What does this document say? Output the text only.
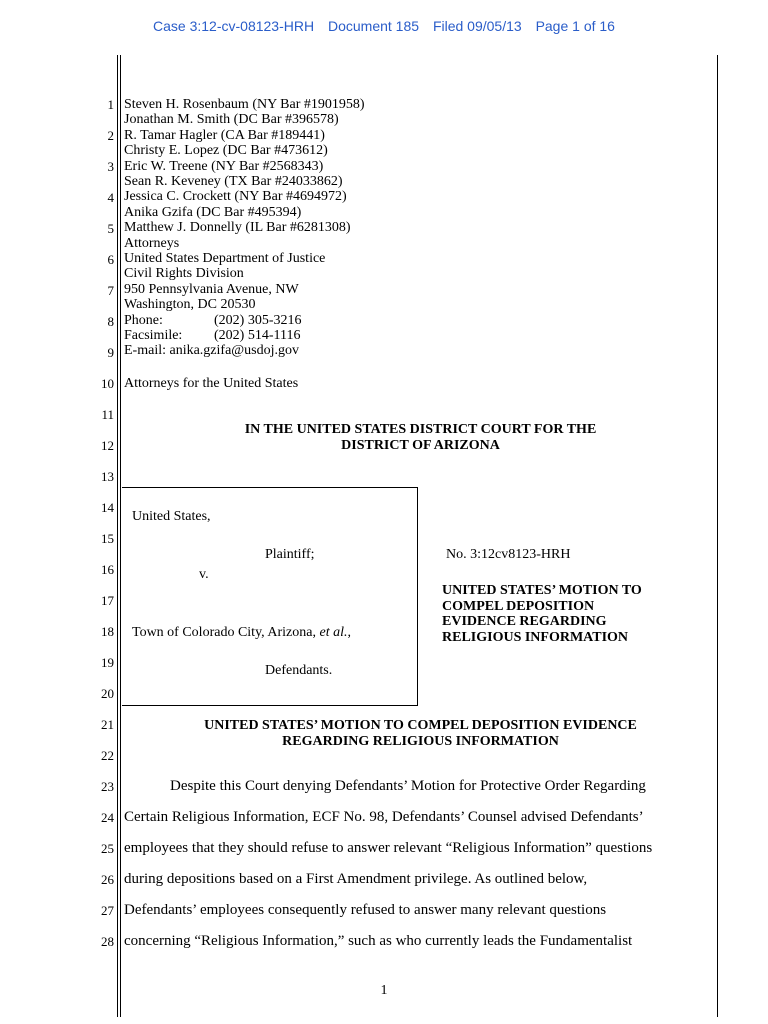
Case 3:12-cv-08123-HRH Document 185 Filed 09/05/13 Page 1 of 16
1
2
3
4
5
6
7
8
9
10
11
12
13
14
15
16
17
18
19
20
21
22
23
24
25
26
27
28
Steven H. Rosenbaum (NY Bar #1901958)
Jonathan M. Smith (DC Bar #396578)
R. Tamar Hagler (CA Bar #189441)
Christy E. Lopez (DC Bar #473612)
Eric W. Treene (NY Bar #2568343)
Sean R. Keveney (TX Bar #24033862)
Jessica C. Crockett (NY Bar #4694972)
Anika Gzifa (DC Bar #495394)
Matthew J. Donnelly (IL Bar #6281308)
Attorneys
United States Department of Justice
Civil Rights Division
950 Pennsylvania Avenue, NW
Washington, DC 20530
Phone:	(202) 305-3216
Facsimile: (202) 514-1116
E-mail: anika.gzifa@usdoj.gov
Attorneys for the United States
IN THE UNITED STATES DISTRICT COURT FOR THE
DISTRICT OF ARIZONA
United States,
Plaintiff;
v.
Town of Colorado City, Arizona, et al.,
Defendants.
No. 3:12cv8123-HRH
UNITED STATES’ MOTION TO
COMPEL DEPOSITION
EVIDENCE REGARDING
RELIGIOUS INFORMATION
UNITED STATES’ MOTION TO COMPEL DEPOSITION EVIDENCE
REGARDING RELIGIOUS INFORMATION
Despite this Court denying Defendants’ Motion for Protective Order Regarding
Certain Religious Information, ECF No. 98, Defendants’ Counsel advised Defendants’
employees that they should refuse to answer relevant “Religious Information” questions
during depositions based on a First Amendment privilege. As outlined below,
Defendants’ employees consequently refused to answer many relevant questions
concerning “Religious Information,” such as who currently leads the Fundamentalist
1
